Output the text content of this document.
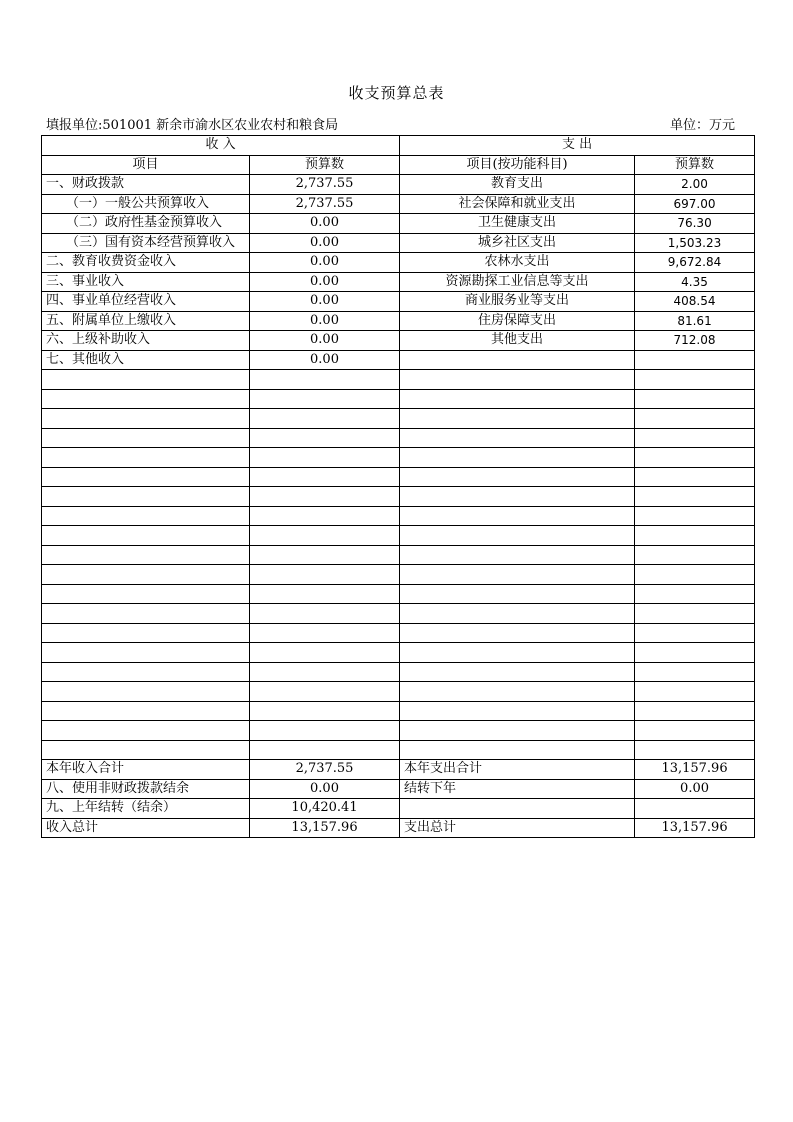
收支预算总表
填报单位:501001 新余市渝水区农业农村和粮食局	单位：万元
收 入		支 出	
项目	预算数	项目(按功能科目)	预算数
一、财政拨款	2,737.55	教育支出	2.00
（一）一般公共预算收入	2,737.55	社会保障和就业支出	697.00
（二）政府性基金预算收入	0.00	卫生健康支出	76.30
（三）国有资本经营预算收入	0.00	城乡社区支出	1,503.23
二、教育收费资金收入	0.00	农林水支出	9,672.84
三、事业收入	0.00	资源勘探工业信息等支出	4.35
四、事业单位经营收入	0.00	商业服务业等支出	408.54
五、附属单位上缴收入	0.00	住房保障支出	81.61
六、上级补助收入	0.00	其他支出	712.08
七、其他收入	0.00		

本年收入合计	2,737.55	本年支出合计	13,157.96
八、使用非财政拨款结余	0.00	结转下年	0.00
九、上年结转（结余）	10,420.41		
收入总计	13,157.96	支出总计	13,157.96
